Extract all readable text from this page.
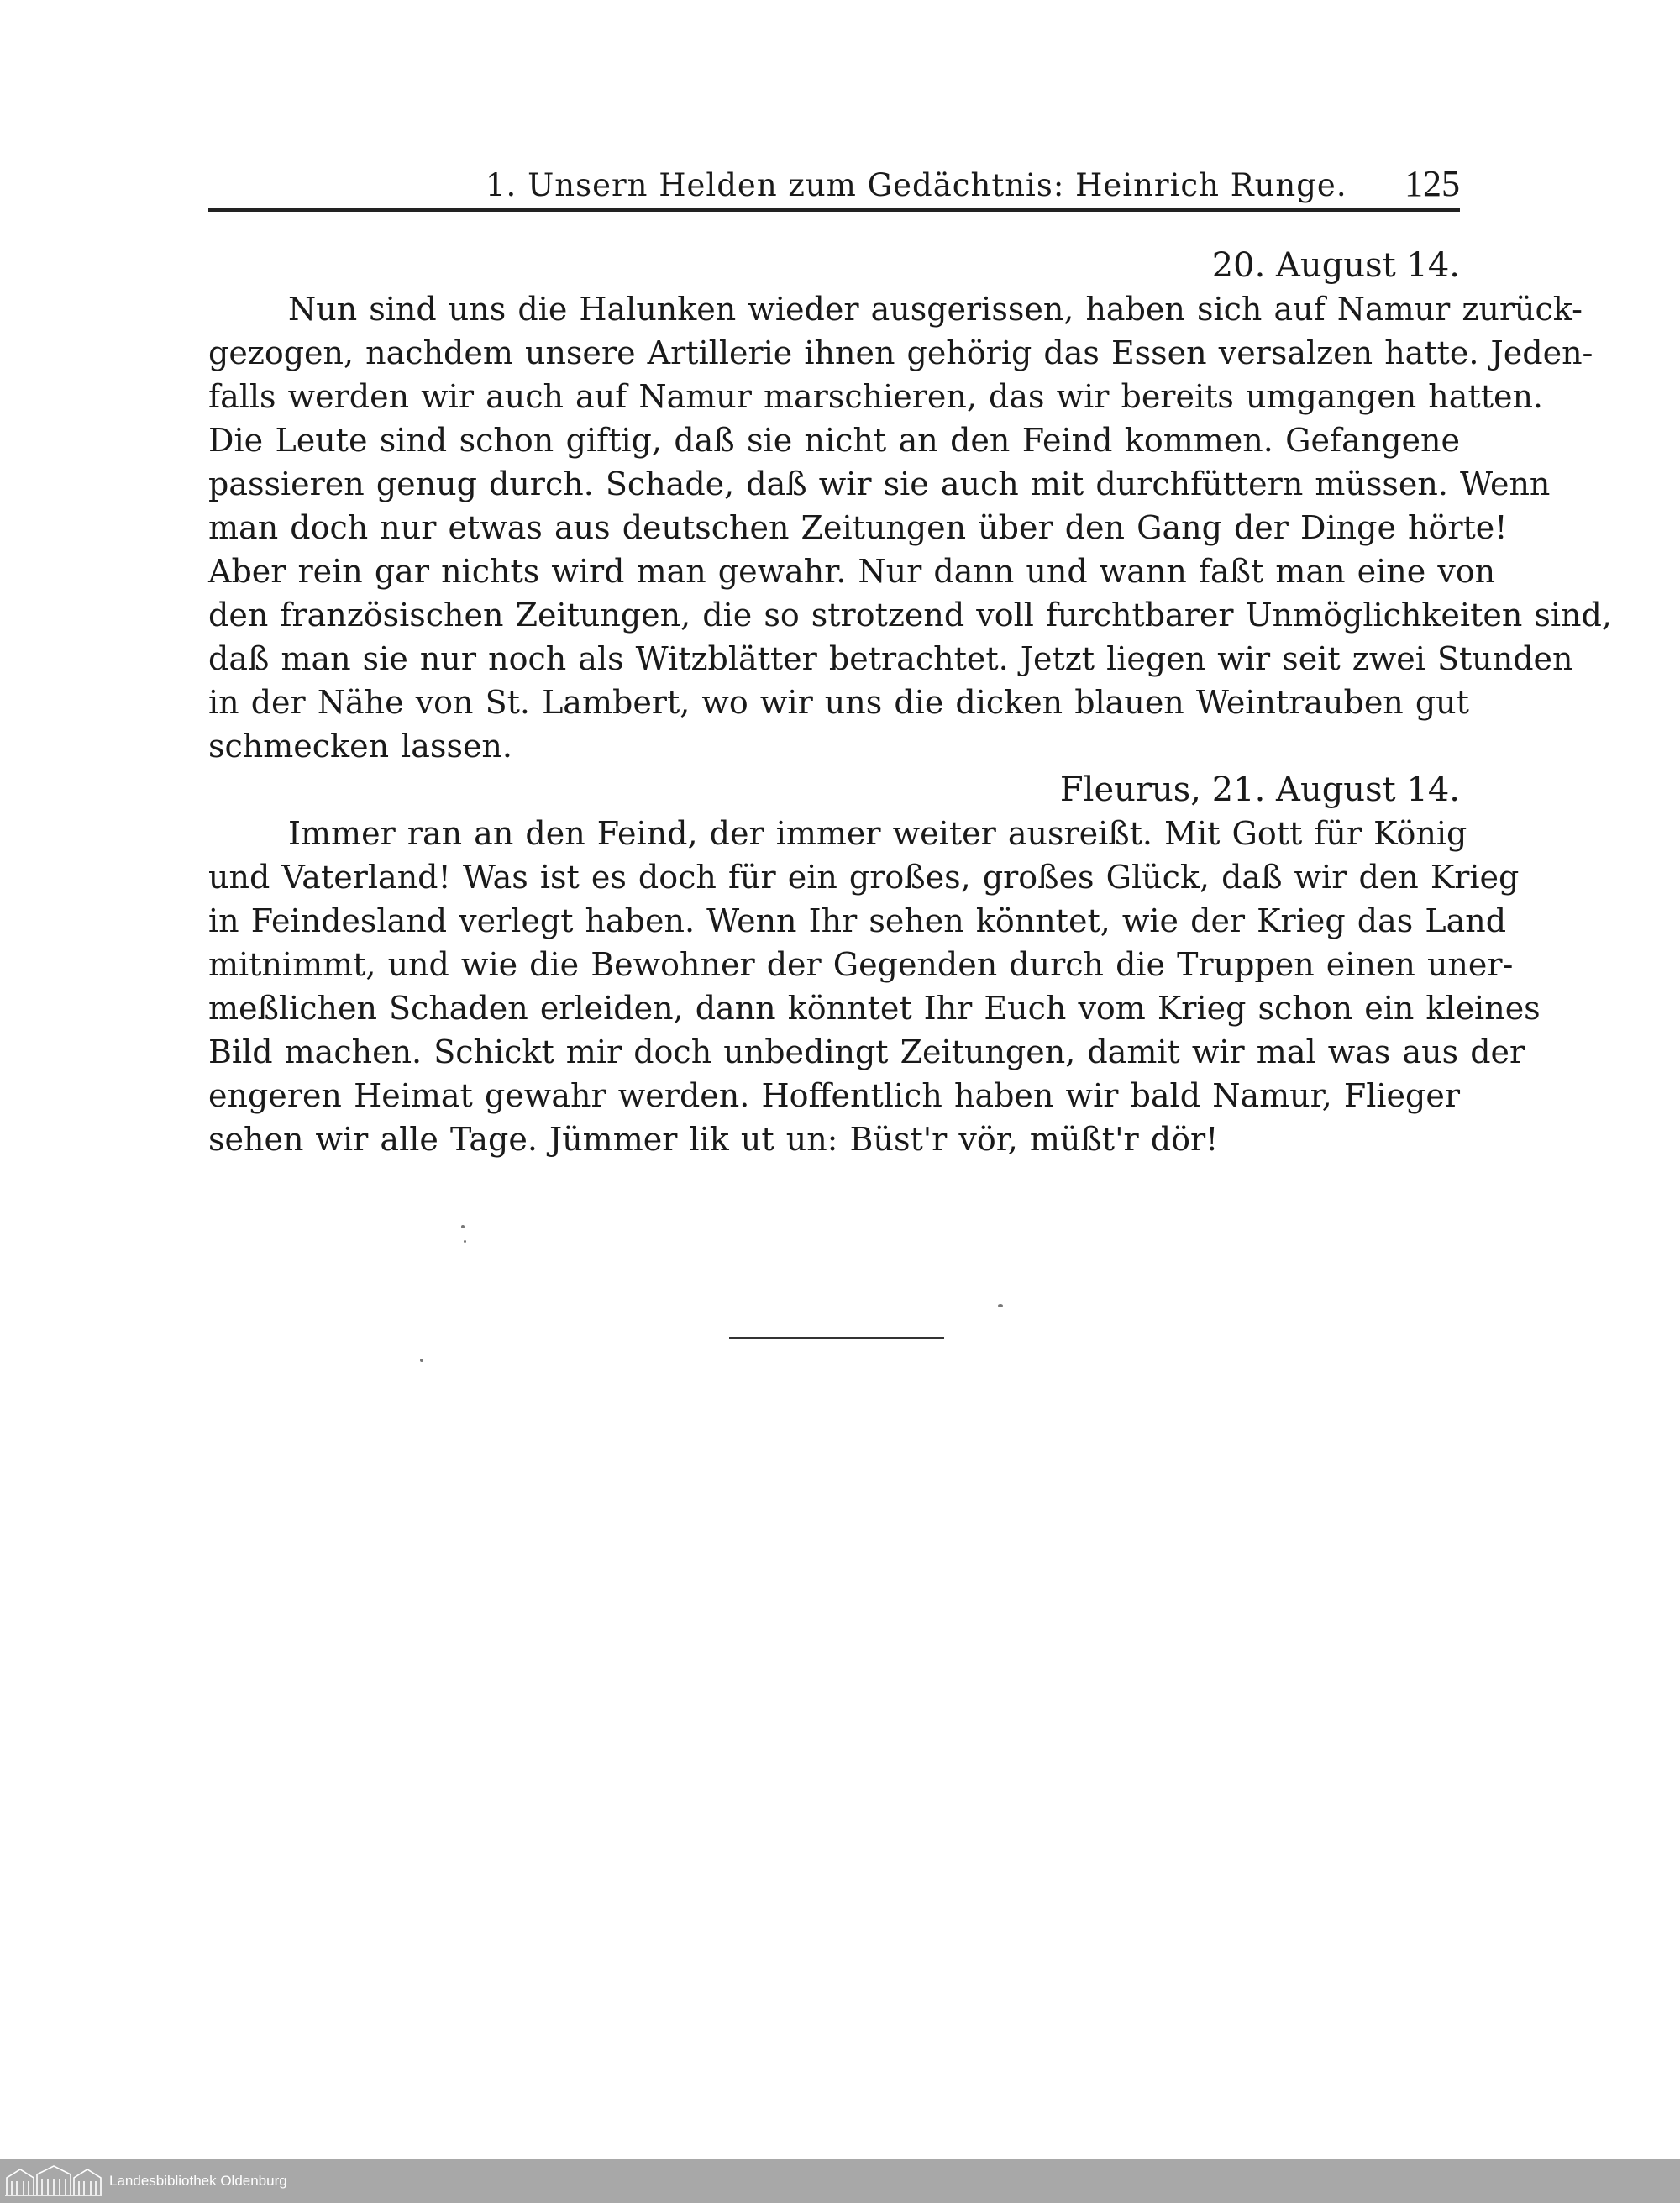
1. Unsern Helden zum Gedächtnis: Heinrich Runge. 125
20. August 14.
Nun sind uns die Halunken wieder ausgerissen, haben sich auf Namur zurück-
gezogen, nachdem unsere Artillerie ihnen gehörig das Essen versalzen hatte. Jeden-
falls werden wir auch auf Namur marschieren, das wir bereits umgangen hatten.
Die Leute sind schon giftig, daß sie nicht an den Feind kommen. Gefangene
passieren genug durch. Schade, daß wir sie auch mit durchfüttern müssen. Wenn
man doch nur etwas aus deutschen Zeitungen über den Gang der Dinge hörte!
Aber rein gar nichts wird man gewahr. Nur dann und wann faßt man eine von
den französischen Zeitungen, die so strotzend voll furchtbarer Unmöglichkeiten sind,
daß man sie nur noch als Witzblätter betrachtet. Jetzt liegen wir seit zwei Stunden
in der Nähe von St. Lambert, wo wir uns die dicken blauen Weintrauben gut
schmecken lassen.
Fleurus, 21. August 14.
Immer ran an den Feind, der immer weiter ausreißt. Mit Gott für König
und Vaterland! Was ist es doch für ein großes, großes Glück, daß wir den Krieg
in Feindesland verlegt haben. Wenn Ihr sehen könntet, wie der Krieg das Land
mitnimmt, und wie die Bewohner der Gegenden durch die Truppen einen uner-
meßlichen Schaden erleiden, dann könntet Ihr Euch vom Krieg schon ein kleines
Bild machen. Schickt mir doch unbedingt Zeitungen, damit wir mal was aus der
engeren Heimat gewahr werden. Hoffentlich haben wir bald Namur, Flieger
sehen wir alle Tage. Jümmer lik ut un: Büst'r vör, müßt'r dör!
Landesbibliothek Oldenburg
